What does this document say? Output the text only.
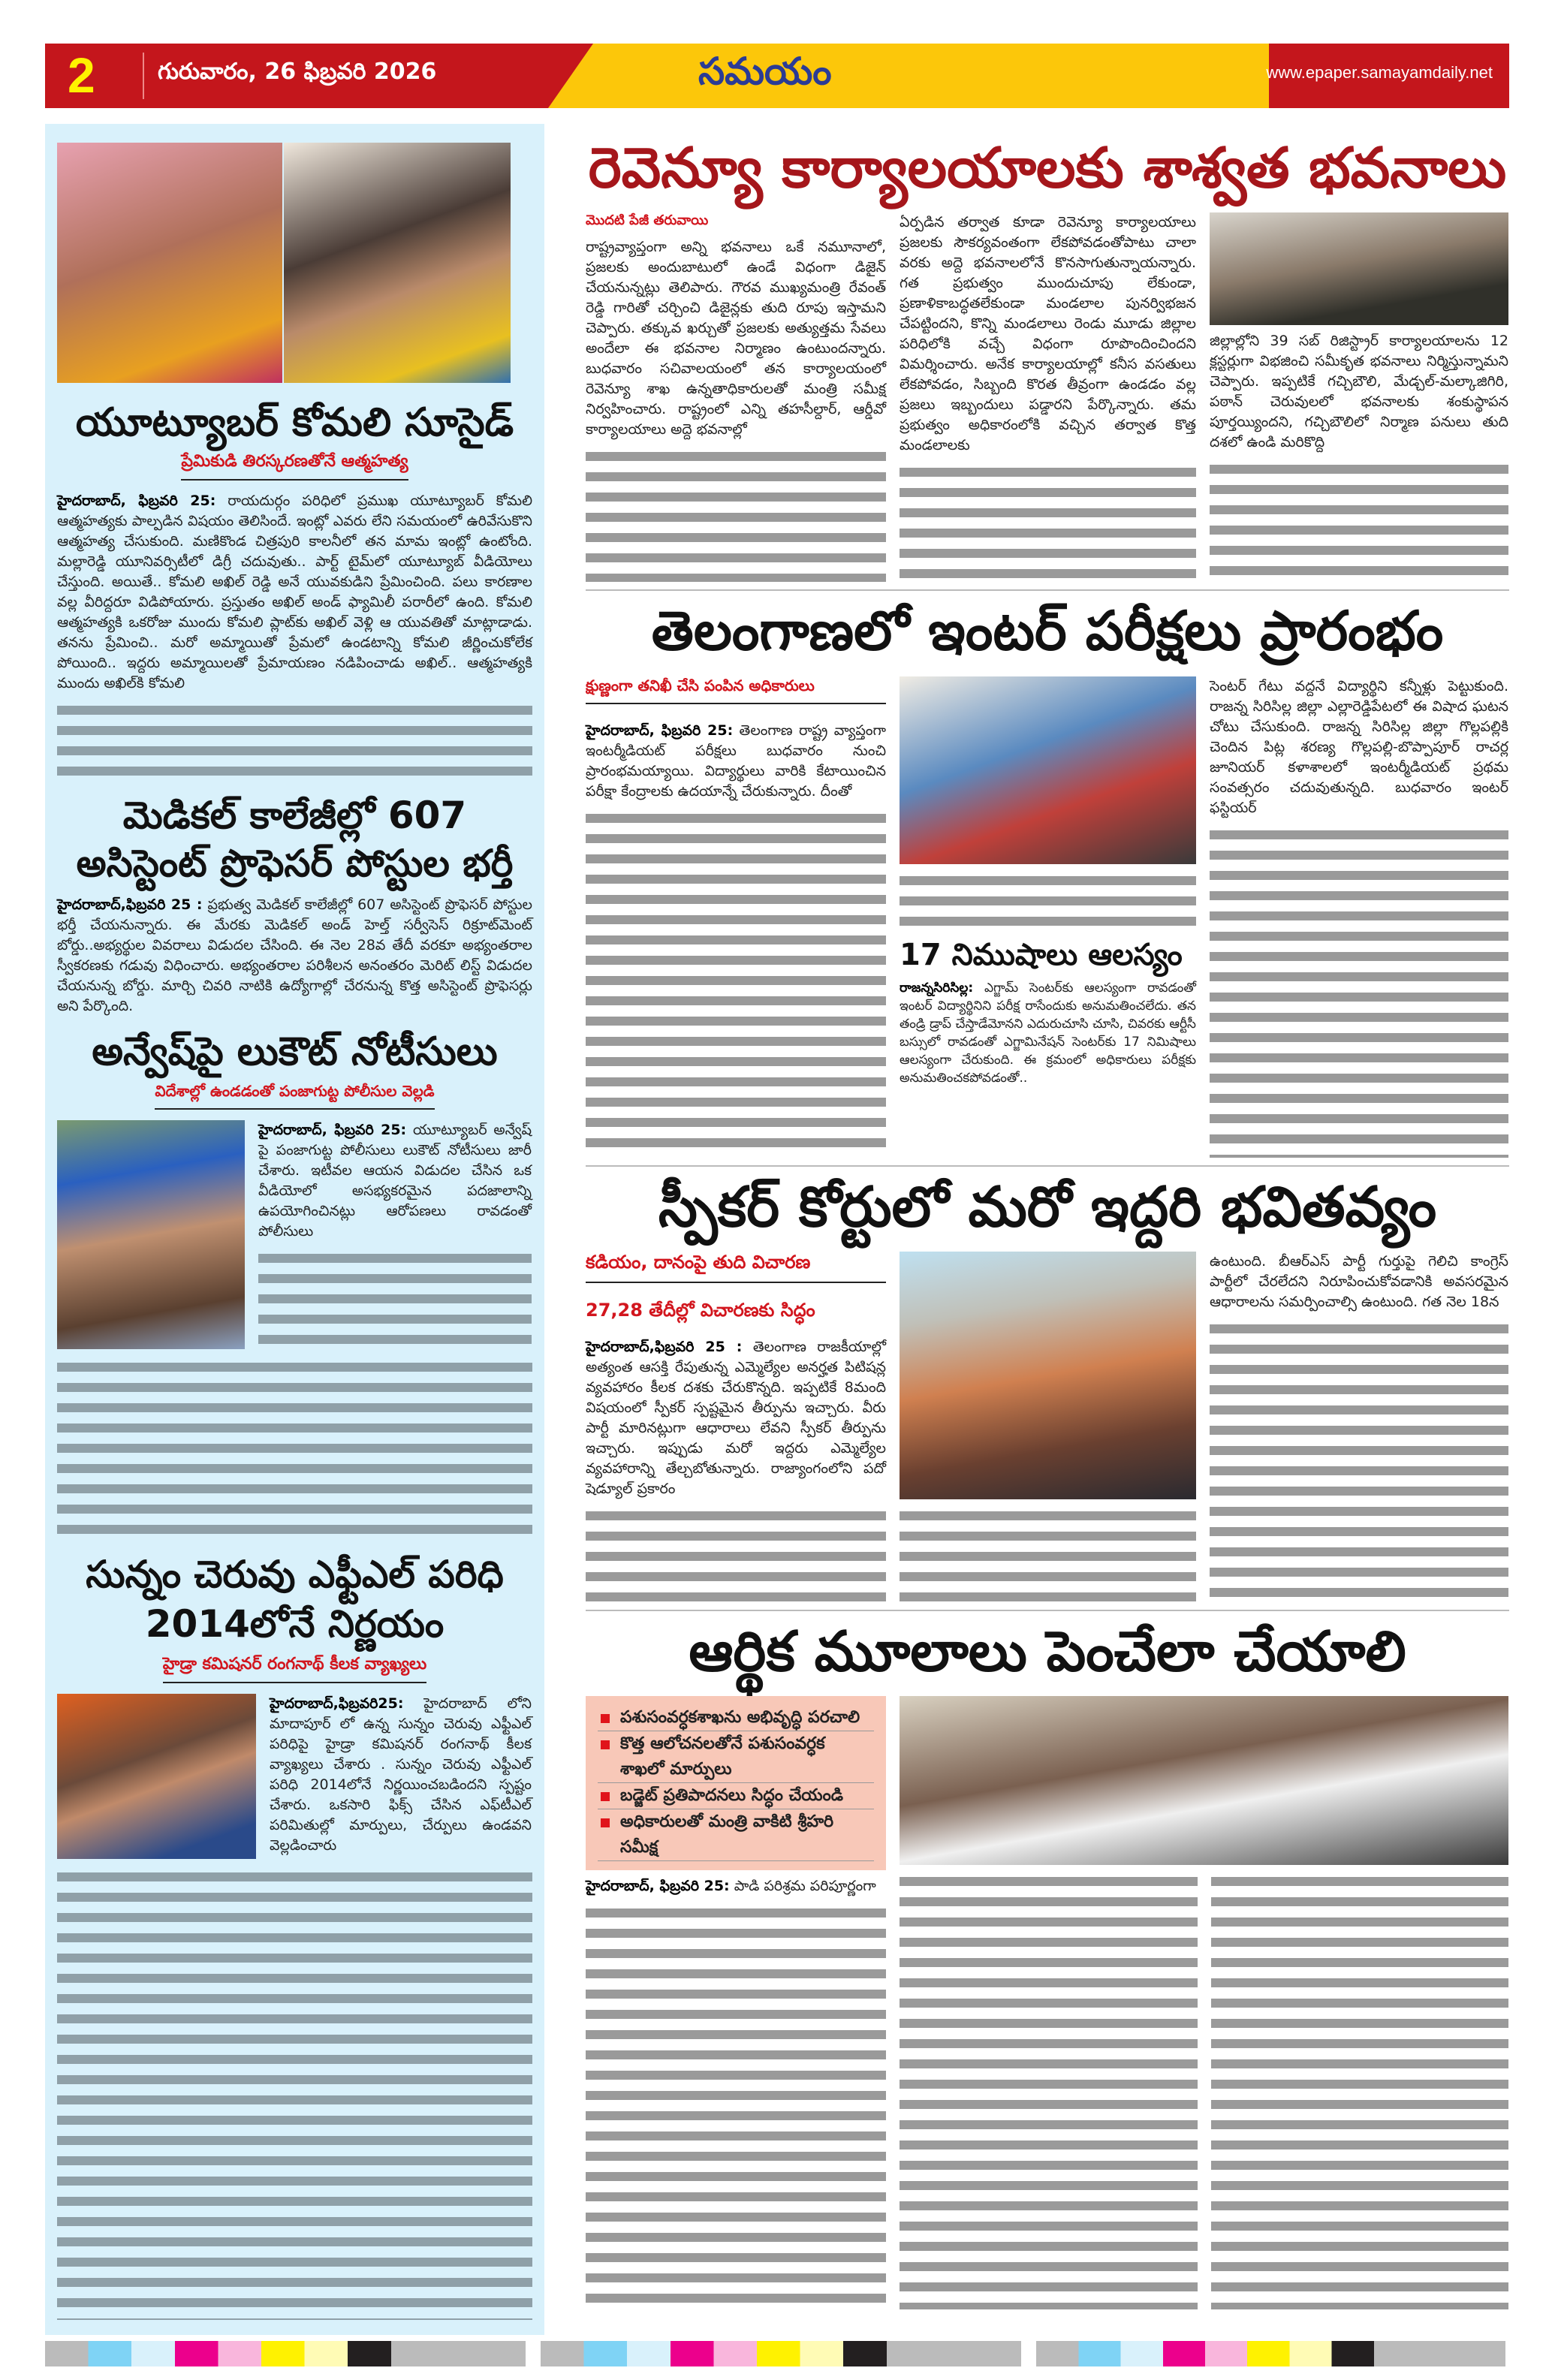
2	గురువారం, 26 ఫిబ్రవరి 2026	సమయం	www.epaper.samayamdaily.net
యూట్యూబర్ కోమలి సూసైడ్
ప్రేమికుడి తిరస్కరణతోనే ఆత్మహత్య
హైదరాబాద్, ఫిబ్రవరి 25: రాయదుర్గం పరిధిలో ప్రముఖ యూట్యూబర్ కోమలి ఆత్మహత్యకు పాల్పడిన విషయం తెలిసిందే. ఇంట్లో ఎవరు లేని సమయంలో ఉరివేసుకొని ఆత్మహత్య చేసుకుంది. మణికొండ చిత్రపురి కాలనీలో తన మామ ఇంట్లో ఉంటోంది. మల్లారెడ్డి యూనివర్సిటీలో డిగ్రీ చదువుతు.. పార్ట్ టైమ్‌లో యూట్యూబ్ వీడియోలు చేస్తుంది. అయితే.. కోమలి అఖిల్ రెడ్డి అనే యువకుడిని ప్రేమించింది. పలు కారణాల వల్ల వీరిద్దరూ విడిపోయారు. ప్రస్తుతం అఖిల్ అండ్ ఫ్యామిలీ పరారీలో ఉంది. కోమలి ఆత్మహత్యకి ఒకరోజు ముందు కోమలి ప్లాట్‌కు అఖిల్ వెళ్లి ఆ యువతితో మాట్లాడాడు. తనను ప్రేమించి.. మరో అమ్మాయితో ప్రేమలో ఉండటాన్ని కోమలి జీర్ణించుకోలేక పోయింది.. ఇద్దరు అమ్మాయిలతో ప్రేమాయణం నడిపించాడు అఖిల్.. ఆత్మహత్యకి ముందు అఖిల్‌కి కోమలి
మెడికల్ కాలేజీల్లో 607 అసిస్టెంట్ ప్రొఫెసర్ పోస్టుల భర్తీ
హైదరాబాద్,ఫిబ్రవరి 25 : ప్రభుత్వ మెడికల్ కాలేజీల్లో 607 అసిస్టెంట్ ప్రొఫెసర్ పోస్టుల భర్తీ చేయనున్నారు. ఈ మేరకు మెడికల్ అండ్ హెల్త్ సర్వీసెస్ రిక్రూట్‌మెంట్ బోర్డు..అభ్యర్థుల వివరాలు విడుదల చేసింది. ఈ నెల 28వ తేదీ వరకూ అభ్యంతరాల స్వీకరణకు గడువు విధించారు. అభ్యంతరాల పరిశీలన అనంతరం మెరిట్ లిస్ట్ విడుదల చేయనున్న బోర్డు. మార్చి చివరి నాటికి ఉద్యోగాల్లో చేరనున్న కొత్త అసిస్టెంట్ ప్రొఫెసర్లు అని పేర్కొంది.
అన్వేష్‌పై లుకౌట్ నోటీసులు
విదేశాల్లో ఉండడంతో పంజాగుట్ట పోలీసుల వెల్లడి
హైదరాబాద్, ఫిబ్రవరి 25: యూట్యూబర్ అన్వేష్ పై పంజాగుట్ట పోలీసులు లుకౌట్ నోటీసులు జారీ చేశారు. ఇటీవల ఆయన విడుదల చేసిన ఒక వీడియోలో అసభ్యకరమైన పదజాలాన్ని ఉపయోగించినట్లు ఆరోపణలు రావడంతో పోలీసులు
సున్నం చెరువు ఎఫ్టీఎల్ పరిధి 2014లోనే నిర్ణయం
హైడ్రా కమిషనర్ రంగనాథ్ కీలక వ్యాఖ్యలు
హైదరాబాద్,ఫిబ్రవరి25: హైదరాబాద్ లోని మాదాపూర్ లో ఉన్న సున్నం చెరువు ఎఫ్టీఎల్ పరిధిపై హైడ్రా కమిషనర్ రంగనాథ్ కీలక వ్యాఖ్యలు చేశారు . సున్నం చెరువు ఎఫ్టీఎల్ పరిధి 2014లోనే నిర్ణయించబడిందని స్పష్టం చేశారు. ఒకసారి ఫిక్స్ చేసిన ఎఫ్‌టీఎల్ పరిమితుల్లో మార్పులు, చేర్పులు ఉండవని వెల్లడించారు
రెవెన్యూ కార్యాలయాలకు శాశ్వత భవనాలు
మొదటి పేజీ తరువాయి
రాష్ట్రవ్యాప్తంగా అన్ని భవనాలు ఒకే నమూనాలో, ప్రజలకు అందుబాటులో ఉండే విధంగా డిజైన్ చేయనున్నట్లు తెలిపారు. గౌరవ ముఖ్యమంత్రి రేవంత్ రెడ్డి గారితో చర్చించి డిజైన్లకు తుది రూపు ఇస్తామని చెప్పారు. తక్కువ ఖర్చుతో ప్రజలకు అత్యుత్తమ సేవలు అందేలా ఈ భవనాల నిర్మాణం ఉంటుందన్నారు. బుధవారం సచివాలయంలో తన కార్యాలయంలో రెవెన్యూ శాఖ ఉన్నతాధికారులతో మంత్రి సమీక్ష నిర్వహించారు. రాష్ట్రంలో ఎన్ని తహసీల్దార్, ఆర్డీవో కార్యాలయాలు అద్దె భవనాల్లో
ఏర్పడిన తర్వాత కూడా రెవెన్యూ కార్యాలయాలు ప్రజలకు సౌకర్యవంతంగా లేకపోవడంతోపాటు చాలా వరకు అద్దె భవనాలలోనే కొనసాగుతున్నాయన్నారు. గత ప్రభుత్వం ముందుచూపు లేకుండా, ప్రణాళికాబద్ధతలేకుండా మండలాల పునర్విభజన చేపట్టిందని, కొన్ని మండలాలు రెండు మూడు జిల్లాల పరిధిలోకి వచ్చే విధంగా రూపొందించిందని విమర్శించారు. అనేక కార్యాలయాల్లో కనీస వసతులు లేకపోవడం, సిబ్బంది కొరత తీవ్రంగా ఉండడం వల్ల ప్రజలు ఇబ్బందులు పడ్డారని పేర్కొన్నారు. తమ ప్రభుత్వం అధికారంలోకి వచ్చిన తర్వాత కొత్త మండలాలకు
జిల్లాల్లోని 39 సబ్ రిజిస్ట్రార్ కార్యాలయాలను 12 క్లస్టర్లుగా విభజించి సమీకృత భవనాలు నిర్మిస్తున్నామని చెప్పారు. ఇప్పటికే గచ్చిబౌలి, మేడ్చల్-మల్కాజిగిరి, పఠాన్ చెరువులలో భవనాలకు శంకుస్థాపన పూర్తయ్యిందని, గచ్చిబౌలిలో నిర్మాణ పనులు తుది దశలో ఉండి మరికొద్ది
తెలంగాణలో ఇంటర్ పరీక్షలు ప్రారంభం
క్షుణ్ణంగా తనిఖీ చేసి పంపిన అధికారులు
హైదరాబాద్, ఫిబ్రవరి 25: తెలంగాణ రాష్ట్ర వ్యాప్తంగా ఇంటర్మీడియట్ పరీక్షలు బుధవారం నుంచి ప్రారంభమయ్యాయి. విద్యార్థులు వారికి కేటాయించిన పరీక్షా కేంద్రాలకు ఉదయాన్నే చేరుకున్నారు. దీంతో
17 నిముషాలు ఆలస్యం
రాజన్నసిరిసిల్ల: ఎగ్జామ్ సెంటర్‌కు ఆలస్యంగా రావడంతో ఇంటర్ విద్యార్థినిని పరీక్ష రాసేందుకు అనుమతించలేదు. తన తండ్రి డ్రాప్ చేస్తాడేమోనని ఎదురుచూసి చూసి, చివరకు ఆర్టీసీ బస్సులో రావడంతో ఎగ్జామినేషన్ సెంటర్‌కు 17 నిమిషాలు ఆలస్యంగా చేరుకుంది. ఈ క్రమంలో అధికారులు పరీక్షకు అనుమతించకపోవడంతో..
సెంటర్ గేటు వద్దనే విద్యార్థిని కన్నీళ్లు పెట్టుకుంది. రాజన్న సిరిసిల్ల జిల్లా ఎల్లారెడ్డిపేటలో ఈ విషాద ఘటన చోటు చేసుకుంది. రాజన్న సిరిసిల్ల జిల్లా గొల్లపల్లికి చెందిన పిట్ల శరణ్య గొల్లపల్లి-బొప్పాపూర్ రాచర్ల జూనియర్ కళాశాలలో ఇంటర్మీడియట్ ప్రథమ సంవత్సరం చదువుతున్నది. బుధవారం ఇంటర్ ఫస్టియర్
స్పీకర్ కోర్టులో మరో ఇద్దరి భవితవ్యం
కడియం, దానంపై తుది విచారణ
27,28 తేదీల్లో విచారణకు సిద్ధం
హైదరాబాద్,ఫిబ్రవరి 25 : తెలంగాణ రాజకీయాల్లో అత్యంత ఆసక్తి రేపుతున్న ఎమ్మెల్యేల అనర్హత పిటిషన్ల వ్యవహారం కీలక దశకు చేరుకొన్నది. ఇప్పటికే 8మంది విషయంలో స్పీకర్ స్పష్టమైన తీర్పును ఇచ్చారు. వీరు పార్టీ మారినట్లుగా ఆధారాలు లేవని స్పీకర్ తీర్పును ఇచ్చారు. ఇప్పుడు మరో ఇద్దరు ఎమ్మెల్యేల వ్యవహారాన్ని తేల్చబోతున్నారు. రాజ్యాంగంలోని పదో షెడ్యూల్ ప్రకారం
ఉంటుంది. బీఆర్ఎస్ పార్టీ గుర్తుపై గెలిచి కాంగ్రెస్ పార్టీలో చేరలేదని నిరూపించుకోవడానికి అవసరమైన ఆధారాలను సమర్పించాల్సి ఉంటుంది. గత నెల 18న
ఆర్థిక మూలాలు పెంచేలా చేయాలి
పశుసంవర్ధకశాఖను అభివృద్ధి పరచాలి
కొత్త ఆలోచనలతోనే పశుసంవర్ధక శాఖలో మార్పులు
బడ్జెట్ ప్రతిపాదనలు సిద్ధం చేయండి
అధికారులతో మంత్రి వాకిటి శ్రీహరి సమీక్ష
హైదరాబాద్, ఫిబ్రవరి 25: పాడి పరిశ్రమ పరిపూర్ణంగా
